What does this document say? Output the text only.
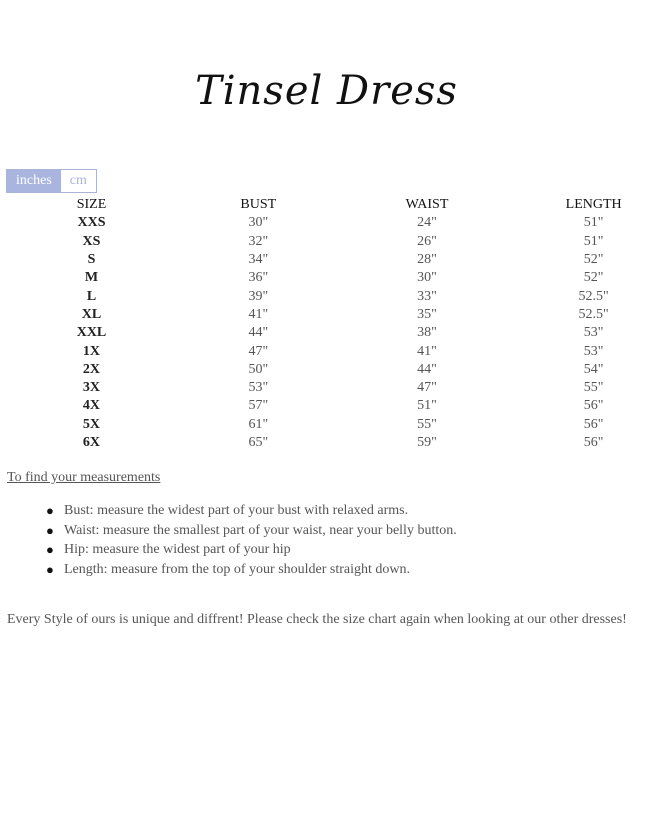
Tinsel Dress
inches	cm
SIZE	BUST	WAIST	LENGTH
XXS	30"	24"	51"
XS	32"	26"	51"
S	34"	28"	52"
M	36"	30"	52"
L	39"	33"	52.5"
XL	41"	35"	52.5"
XXL	44"	38"	53"
1X	47"	41"	53"
2X	50"	44"	54"
3X	53"	47"	55"
4X	57"	51"	56"
5X	61"	55"	56"
6X	65"	59"	56"
To find your measurements
● Bust: measure the widest part of your bust with relaxed arms.
● Waist: measure the smallest part of your waist, near your belly button.
● Hip: measure the widest part of your hip
● Length: measure from the top of your shoulder straight down.
Every Style of ours is unique and diffrent! Please check the size chart again when looking at our other dresses!
